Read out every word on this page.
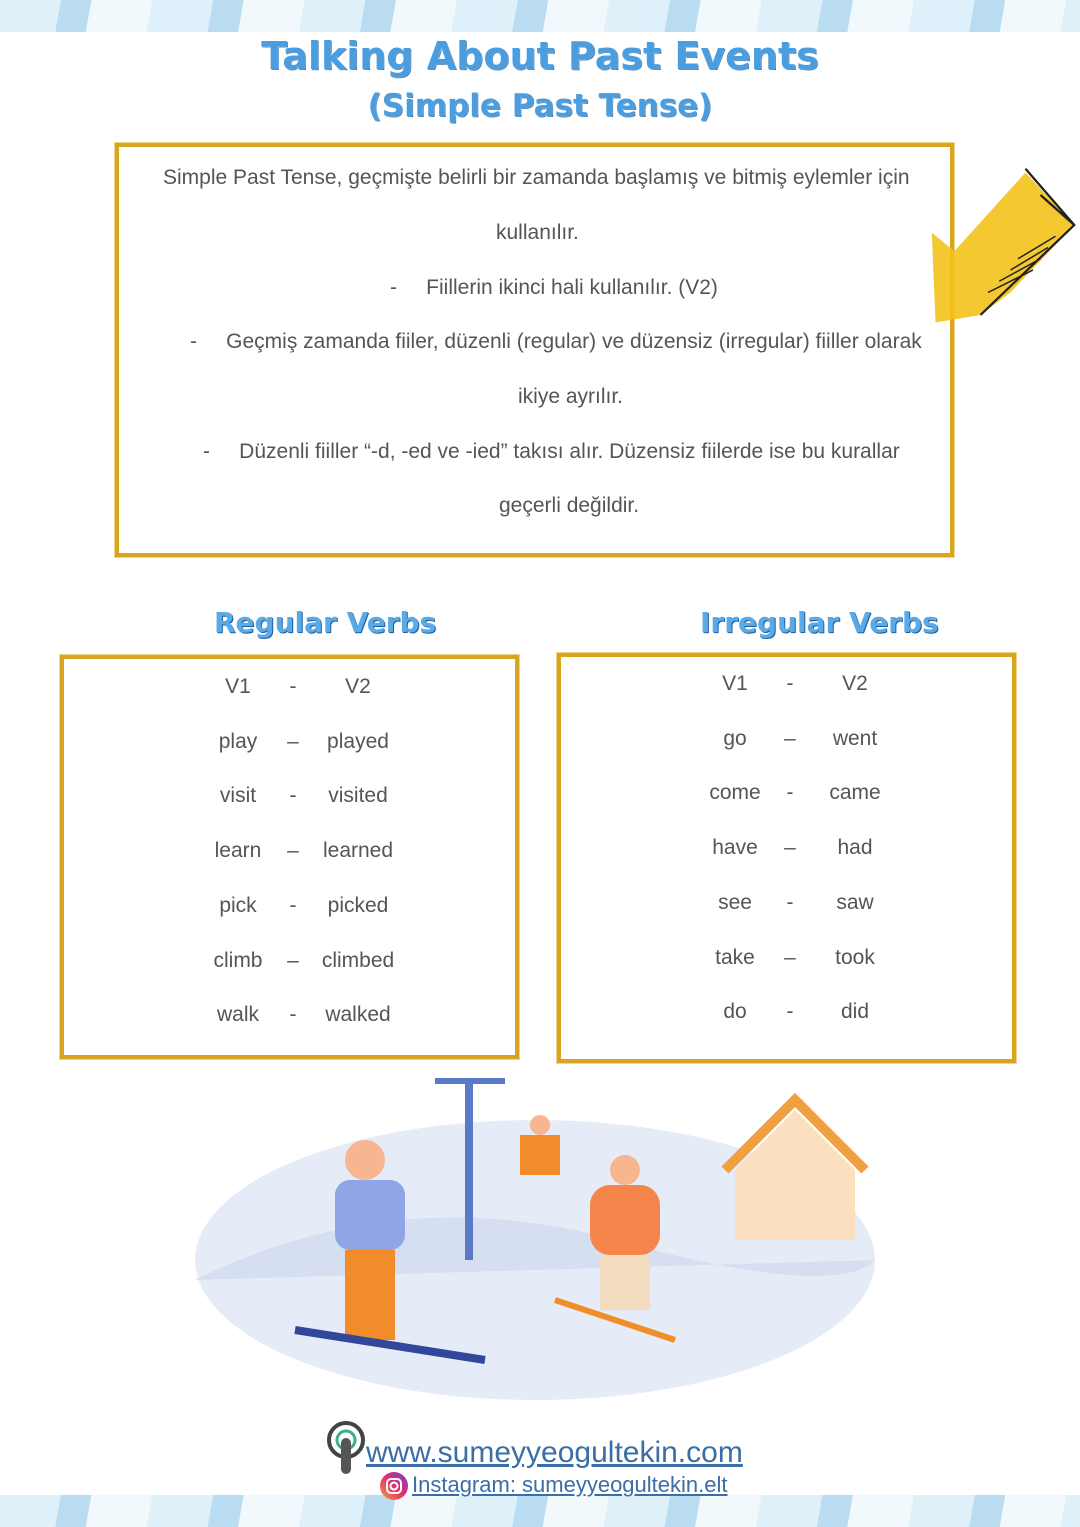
Talking About Past Events
(Simple Past Tense)
Simple Past Tense, geçmişte belirli bir zamanda başlamış ve bitmiş eylemler için
kullanılır.
-     Fiillerin ikinci hali kullanılır. (V2)
-     Geçmiş zamanda fiiler, düzenli (regular) ve düzensiz (irregular) fiiller olarak
ikiye ayrılır.
-     Düzenli fiiller “-d, -ed ve -ied” takısı alır. Düzensiz fiilerde ise bu kurallar
geçerli değildir.
Regular Verbs	Irregular Verbs
V1	-	V2
play	–	played
visit	-	visited
learn	–	learned
pick	-	picked
climb	–	climbed
walk	-	walked
V1	-	V2
go	–	went
come	-	came
have	–	had
see	-	saw
take	–	took
do	-	did
www.sumeyyeogultekin.com
Instagram: sumeyyeogultekin.elt
